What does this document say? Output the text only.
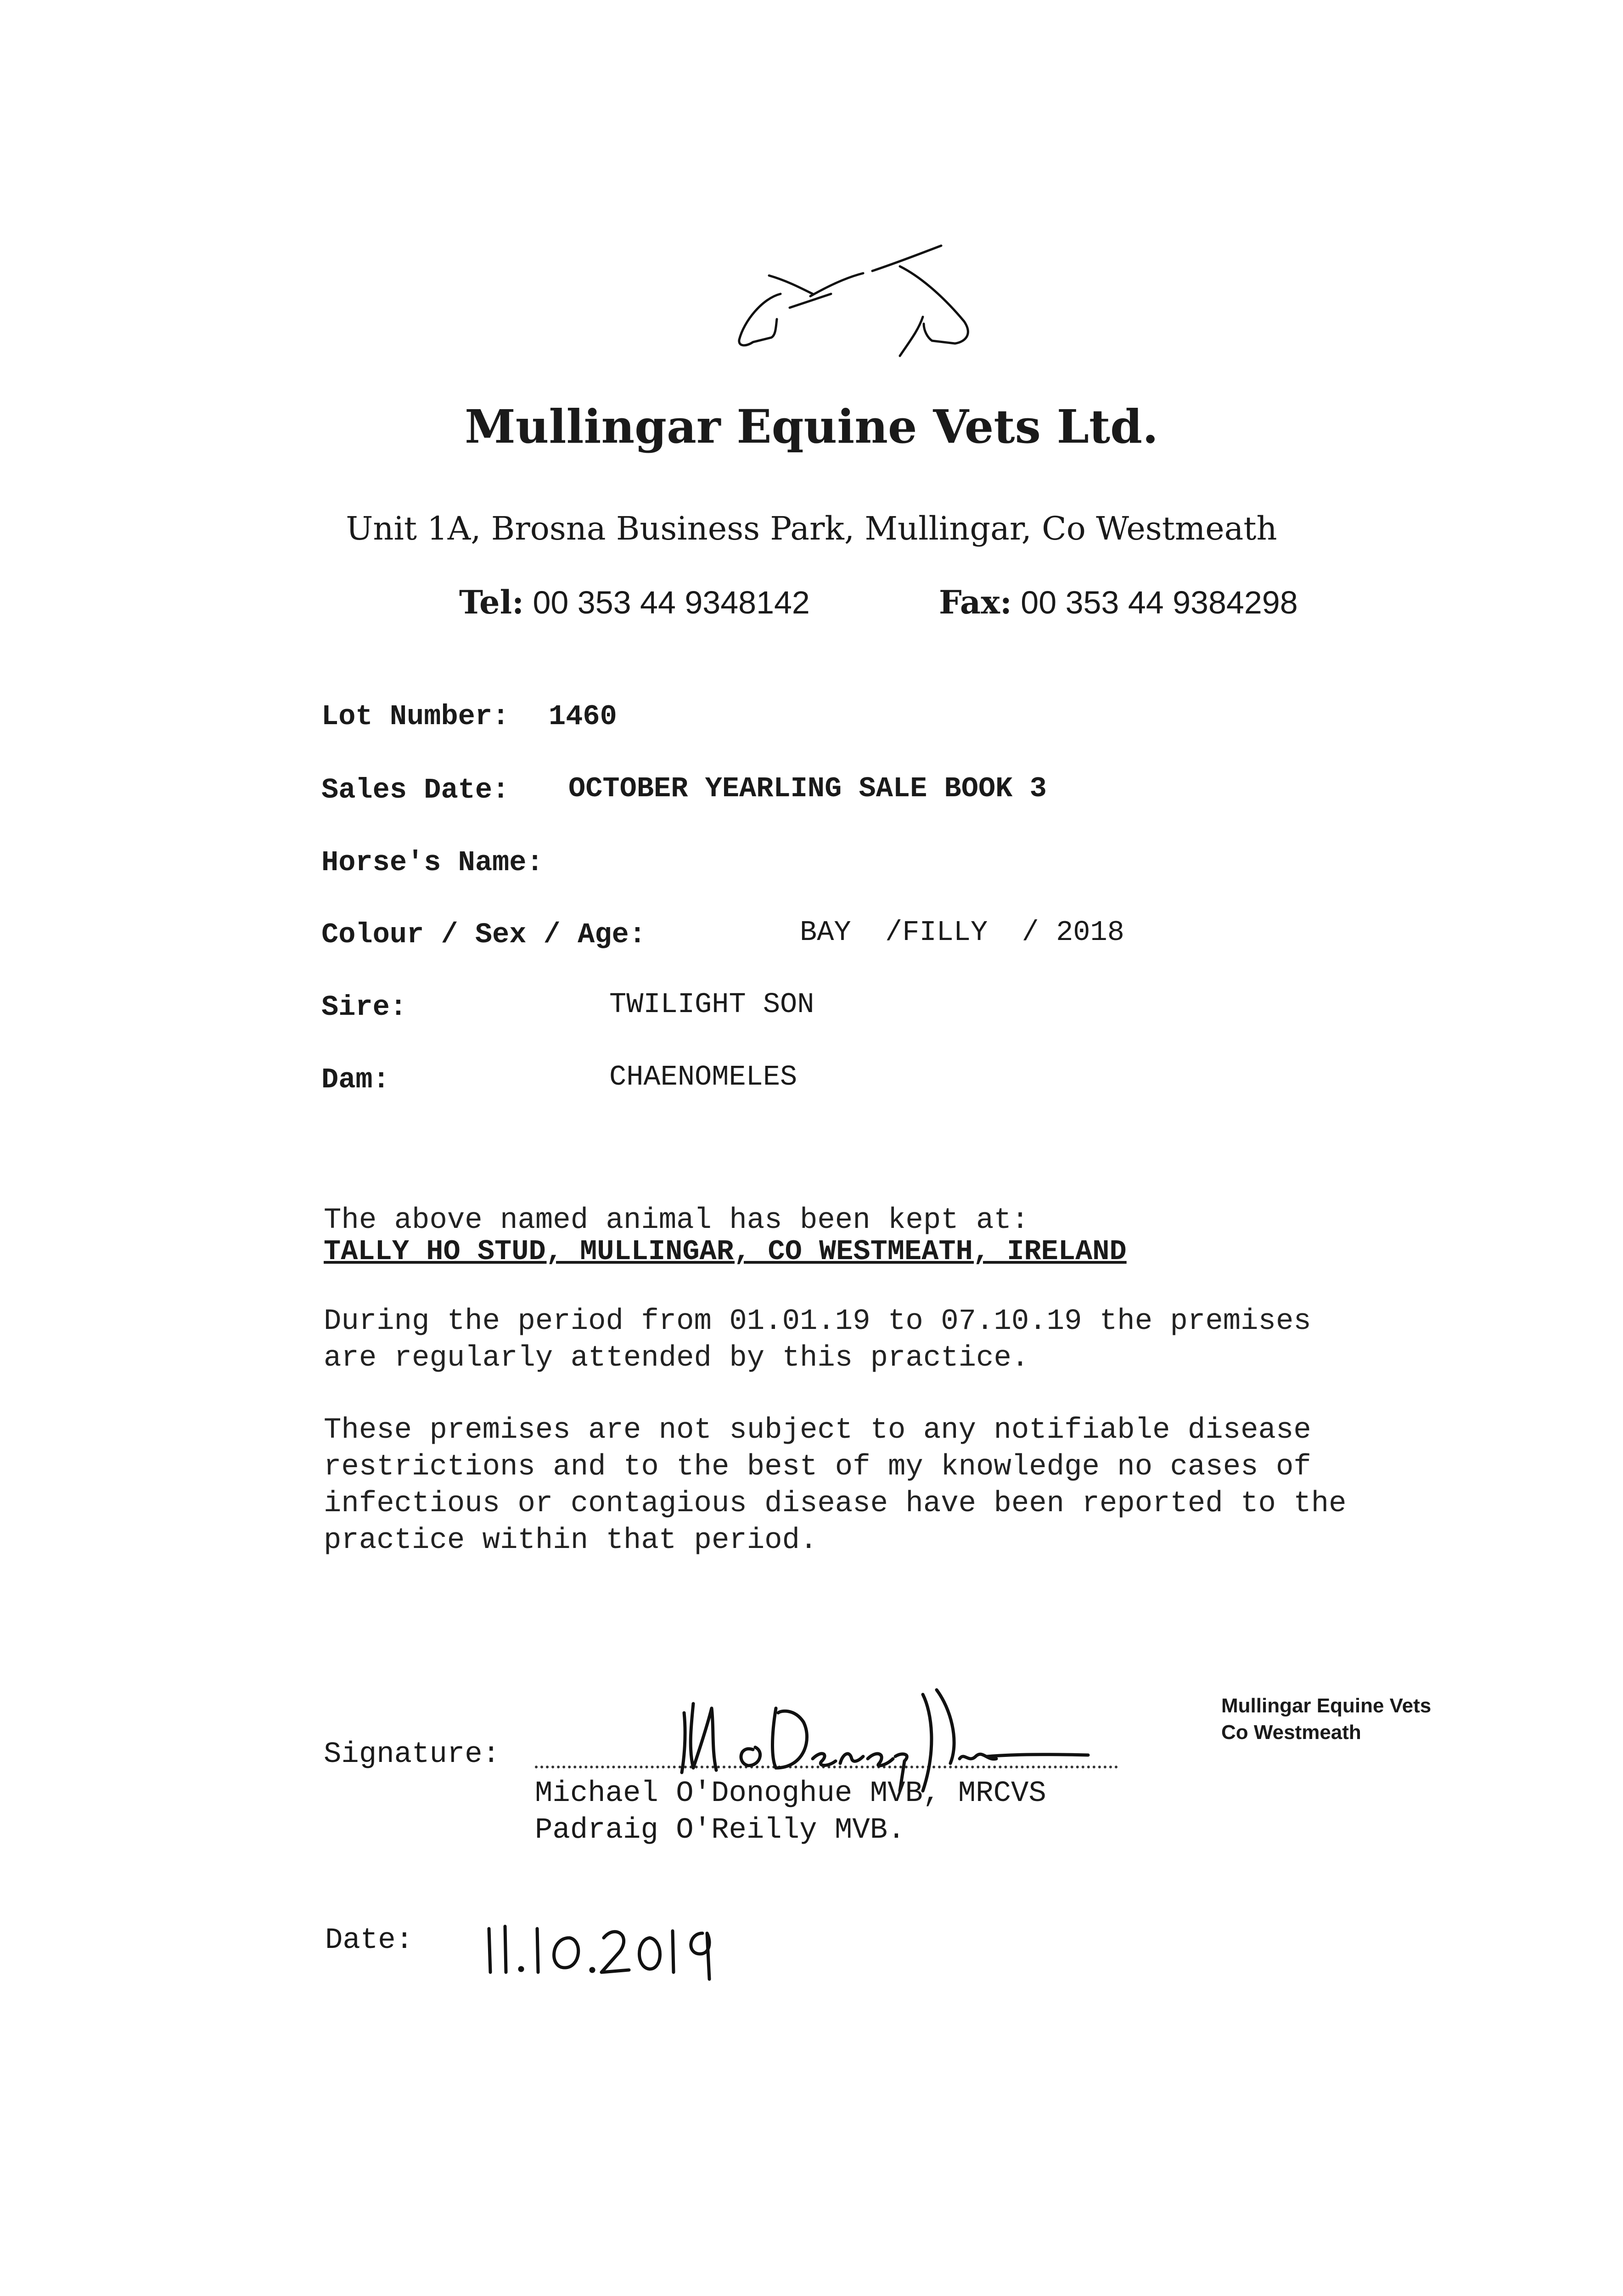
Mullingar Equine Vets Ltd.
Unit 1A, Brosna Business Park, Mullingar, Co Westmeath
Tel: 00 353 44 9348142	Fax: 00 353 44 9384298
Lot Number: 1460
Sales Date: OCTOBER YEARLING SALE BOOK 3
Horse's Name:
Colour / Sex / Age:	BAY  /FILLY  / 2018
Sire:	TWILIGHT SON
Dam:	CHAENOMELES
The above named animal has been kept at:
TALLY HO STUD, MULLINGAR, CO WESTMEATH, IRELAND
During the period from 01.01.19 to 07.10.19 the premises
are regularly attended by this practice.
These premises are not subject to any notifiable disease
restrictions and to the best of my knowledge no cases of
infectious or contagious disease have been reported to the
practice within that period.
Signature:
Michael O'Donoghue MVB, MRCVS
Padraig O'Reilly MVB.
Mullingar Equine Vets
Co Westmeath
Date:
